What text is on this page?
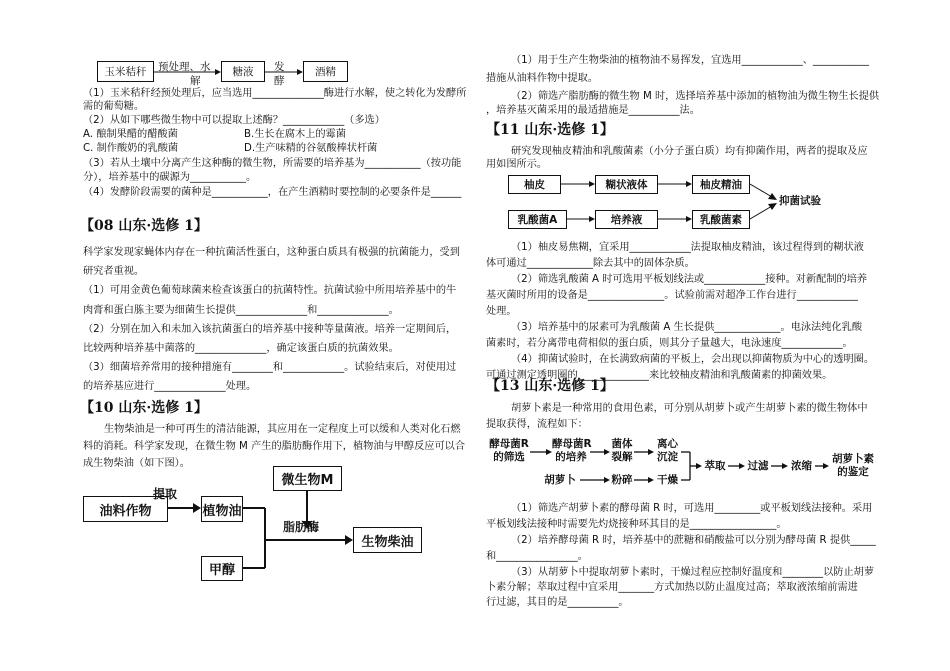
玉米秸秆	预处理、水
解
糖液	发
酵
酒精
（1）玉米秸秆经预处理后，应当选用______________酶进行水解，使之转化为发酵所
需的葡萄糖。
（2）从如下哪些微生物中可以提取上述酶？____________（多选）
A. 酿制果醋的醋酸菌	B.生长在腐木上的霉菌
C. 制作酸奶的乳酸菌	D.生产味精的谷氨酸棒状杆菌
（3）若从土壤中分离产生这种酶的微生物，所需要的培养基为___________（按功能
分），培养基中的碳源为___________。
（4）发酵阶段需要的菌种是___________，在产生酒精时要控制的必要条件是______
【08 山东·选修 1】
科学家发现家蝇体内存在一种抗菌活性蛋白，这种蛋白质具有极强的抗菌能力，受到
研究者重视。
（1）可用金黄色葡萄球菌来检查该蛋白的抗菌特性。抗菌试验中所用培养基中的牛
肉膏和蛋白胨主要为细菌生长提供______________和______________。
（2）分别在加入和未加入该抗菌蛋白的培养基中接种等量菌液。培养一定期间后，
比较两种培养基中菌落的______________，确定该蛋白质的抗菌效果。
（3）细菌培养常用的接种措施有________和____________。试验结束后，对使用过
的培养基应进行______________处理。
【10 山东·选修 1】
生物柴油是一种可再生的清洁能源，其应用在一定程度上可以缓和人类对化石燃
料的消耗。科学家发现，在微生物 M 产生的脂肪酶作用下，植物油与甲醇反应可以合
成生物柴油（如下图）。
油料作物
提取
植物油
微生物M
脂肪酶
甲醇
生物柴油
（1）用于生产生物柴油的植物油不易挥发，宜选用____________、___________
措施从油料作物中提取。
（2）筛选产脂肪酶的微生物 M 时，选择培养基中添加的植物油为微生物生长提供
，培养基灭菌采用的最适措施是__________法。
【11 山东·选修 1】
研究发现柚皮精油和乳酸菌素（小分子蛋白质）均有抑菌作用，两者的提取及应
用如图所示。
柚皮	糊状液体	柚皮精油
乳酸菌A	培养液	乳酸菌素
抑菌试验
（1）柚皮易焦糊，宜采用____________法提取柚皮精油，该过程得到的糊状液
体可通过_____________除去其中的固体杂质。
（2）筛选乳酸菌 A 时可选用平板划线法或____________接种。对新配制的培养
基灭菌时所用的设备是_______________。试验前需对超净工作台进行____________
处理。
（3）培养基中的尿素可为乳酸菌 A 生长提供_____________。电泳法纯化乳酸
菌素时，若分离带电荷相似的蛋白质，则其分子量越大，电泳速度____________。
（4）抑菌试验时，在长满致病菌的平板上，会出现以抑菌物质为中心的透明圈。
可通过测定透明圈的______________来比较柚皮精油和乳酸菌素的抑菌效果。
【13 山东·选修 1】
胡萝卜素是一种常用的食用色素，可分别从胡萝卜或产生胡萝卜素的微生物体中
提取获得，流程如下：
酵母菌R
的筛选
酵母菌R
的培养
菌体
裂解
离心
沉淀
胡萝卜	粉碎 干燥
萃取 过滤 浓缩
胡萝卜素
的鉴定
（1）筛选产胡萝卜素的酵母菌 R 时，可选用_________或平板划线法接种。采用
平板划线法接种时需要先灼烧接种环其目的是_________________。
（2）培养酵母菌 R 时，培养基中的蔗糖和硝酸盐可以分别为酵母菌 R 提供_____
和________________。
（3）从胡萝卜中提取胡萝卜素时，干燥过程应控制好温度和________以防止胡萝
卜素分解；萃取过程中宜采用_______方式加热以防止温度过高；萃取液浓缩前需进
行过滤，其目的是__________。
